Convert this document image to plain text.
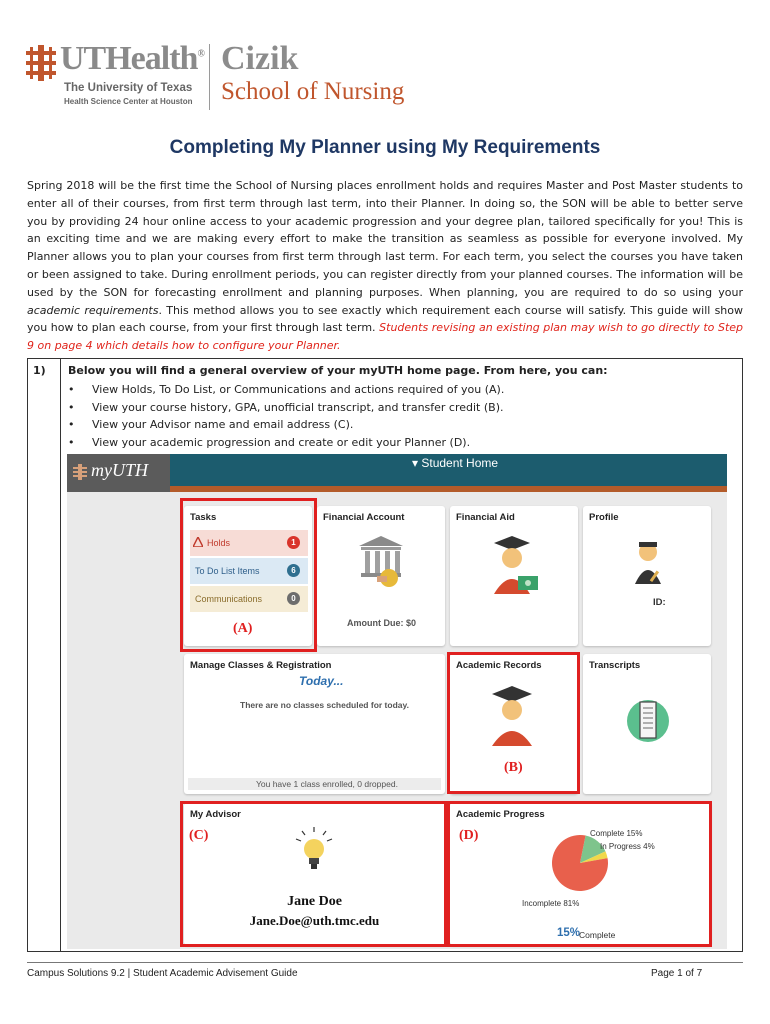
UTHealth®
The University of Texas
Health Science Center at Houston
Cizik
School of Nursing
Completing My Planner using My Requirements
Spring 2018 will be the first time the School of Nursing places enrollment holds and requires Master and Post Master students to enter all of their courses, from first term through last term, into their Planner. In doing so, the SON will be able to better serve you by providing 24 hour online access to your academic progression and your degree plan, tailored specifically for you! This is an exciting time and we are making every effort to make the transition as seamless as possible for everyone involved. My Planner allows you to plan your courses from first term through last term. For each term, you select the courses you have taken or been assigned to take. During enrollment periods, you can register directly from your planned courses. The information will be used by the SON for forecasting enrollment and planning purposes. When planning, you are required to do so using your academic requirements. This method allows you to see exactly which requirement each course will satisfy. This guide will show you how to plan each course, from your first through last term. Students revising an existing plan may wish to go directly to Step 9 on page 4 which details how to configure your Planner.
1) Below you will find a general overview of your myUTH home page. From here, you can:
• View Holds, To Do List, or Communications and actions required of you (A).
• View your course history, GPA, unofficial transcript, and transfer credit (B).
• View your Advisor name and email address (C).
• View your academic progression and create or edit your Planner (D).
myUTH	▾ Student Home
Tasks
Holds	1
To Do List Items	6
Communications	0
Financial Account
Amount Due: $0
Financial Aid	Profile
ID:
Manage Classes & Registration
Today...
There are no classes scheduled for today.
You have 1 class enrolled, 0 dropped.
Academic Records	Transcripts
My Advisor
Jane Doe
Jane.Doe@uth.tmc.edu
Academic Progress
Complete 15%
In Progress 4%
Incomplete 81%
15%
Complete
(A)
(B)
(C)	(D)
Campus Solutions 9.2 | Student Academic Advisement Guide	Page 1 of 7
